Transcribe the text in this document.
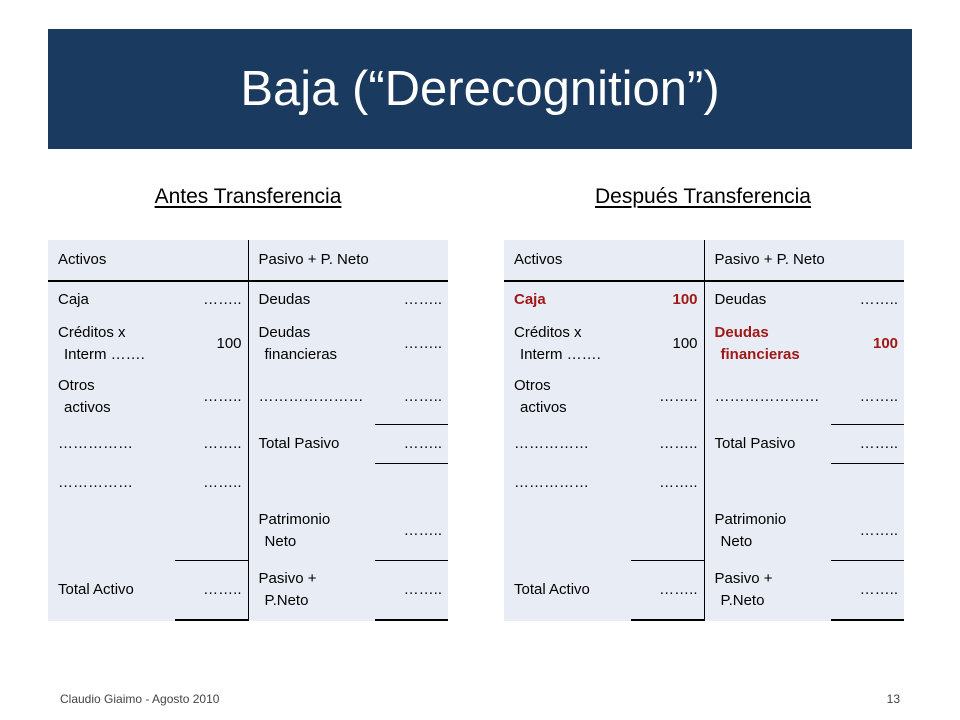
Baja (“Derecognition”)
Antes Transferencia	Después Transferencia
Activos		Pasivo + P. Neto	
Caja	……..	Deudas	……..
Créditos x
Interm …….	100	Deudas
financieras	……..
Otros
activos	……..	…………………	……..
……………	……..	Total Pasivo	……..
……………	……..		
		Patrimonio
Neto	……..
Total Activo	……..	Pasivo +
P.Neto	……..
Activos		Pasivo + P. Neto	
Caja	100	Deudas	……..
Créditos x
Interm …….	100	Deudas
financieras	100
Otros
activos	……..	…………………	……..
……………	……..	Total Pasivo	……..
……………	……..		
		Patrimonio
Neto	……..
Total Activo	……..	Pasivo +
P.Neto	……..
Claudio Giaimo - Agosto 2010	13
